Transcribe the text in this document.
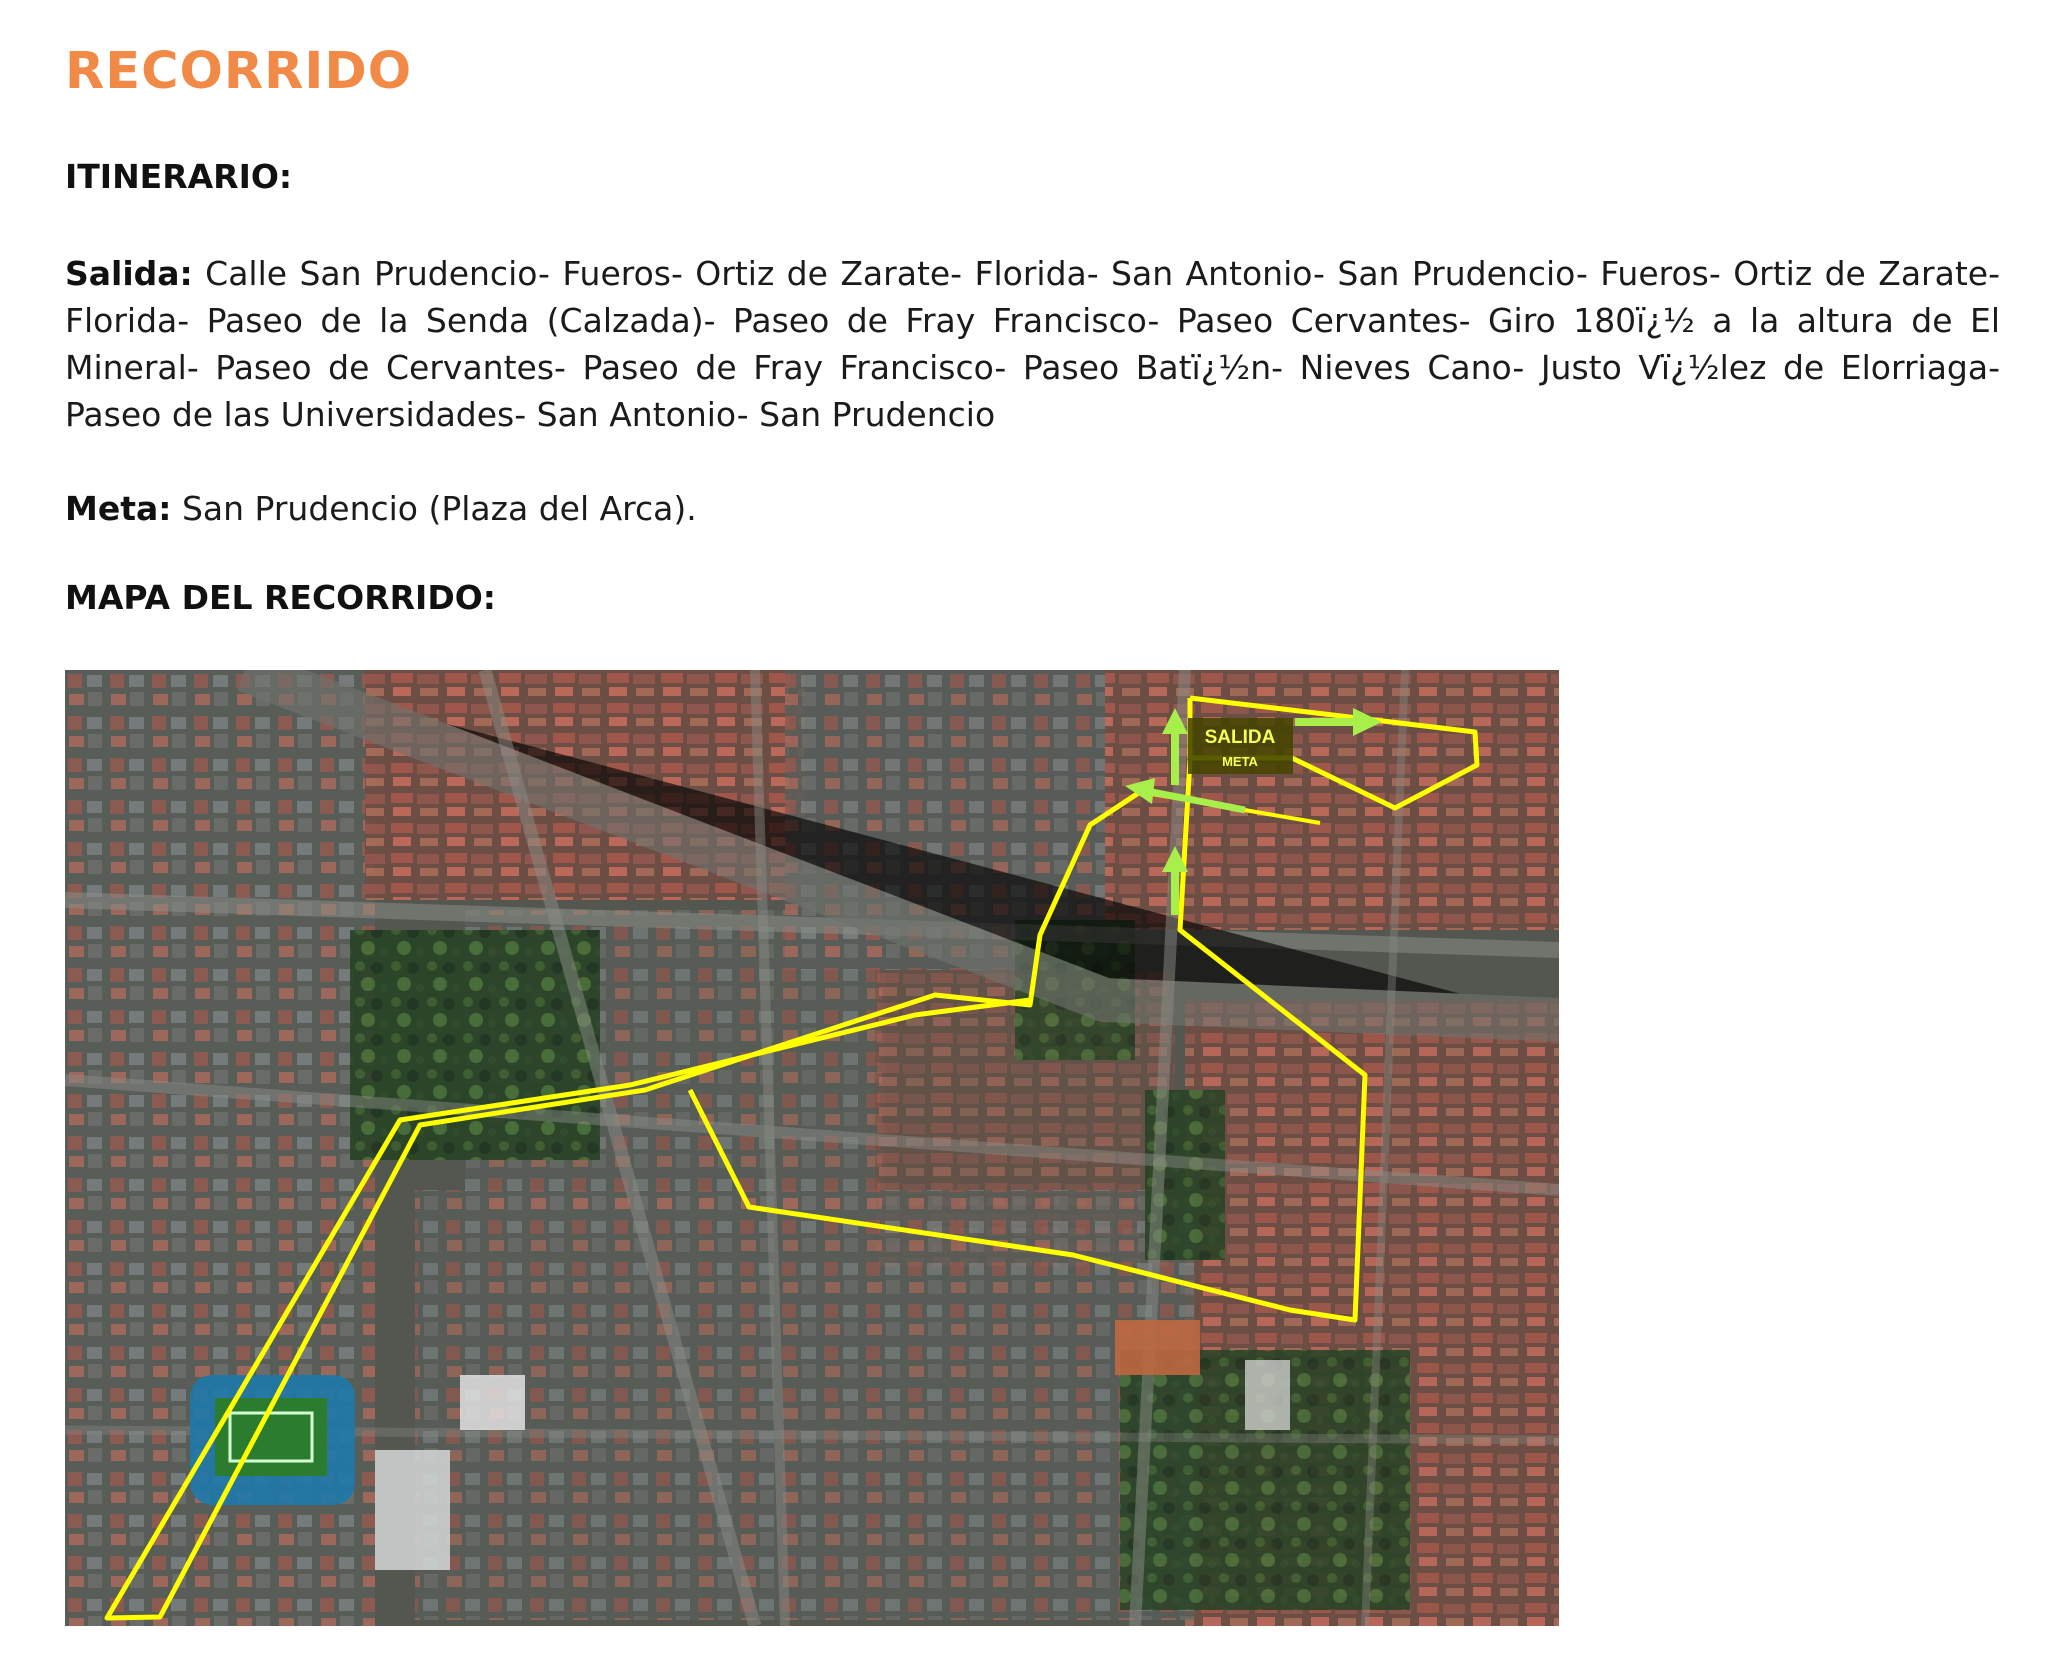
RECORRIDO
ITINERARIO:

Salida: Calle San Prudencio- Fueros- Ortiz de Zarate- Florida- San Antonio- San Prudencio- Fueros- Ortiz de Zarate- Florida- Paseo de la Senda (Calzada)- Paseo de Fray Francisco- Paseo Cervantes- Giro 180ï¿½ a la altura de El Mineral- Paseo de Cervantes- Paseo de Fray Francisco- Paseo Batï¿½n- Nieves Cano- Justo Vï¿½lez de Elorriaga- Paseo de las Universidades- San Antonio- San Prudencio

Meta: San Prudencio (Plaza del Arca).

MAPA DEL RECORRIDO:
SALIDA
META
